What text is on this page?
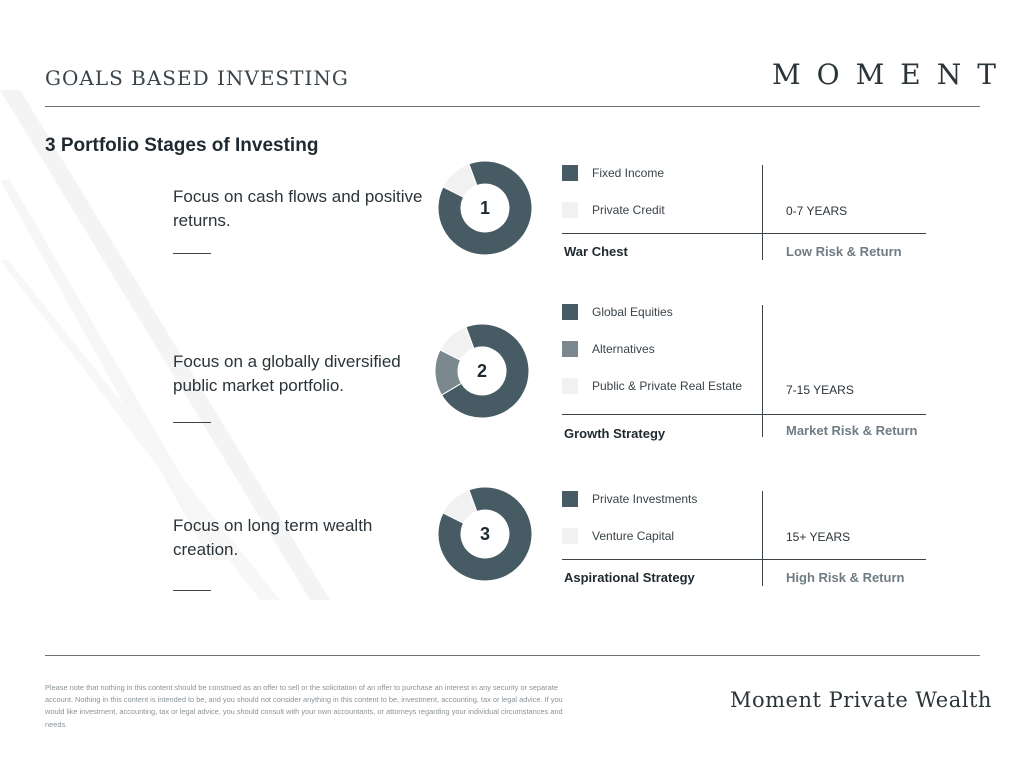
GOALS BASED INVESTING	MOMENT
3 Portfolio Stages of Investing
Focus on cash flows and positive returns.
1
Fixed Income
Private Credit	0-7 YEARS
War Chest	Low Risk & Return
Focus on a globally diversified public market portfolio.
2
Global Equities
Alternatives
Public & Private Real Estate	7-15 YEARS
Growth Strategy	Market Risk & Return
Focus on long term wealth creation.
3
Private Investments
Venture Capital	15+ YEARS
Aspirational Strategy	High Risk & Return
Please note that nothing in this content should be construed as an offer to sell or the solicitation of an offer to purchase an interest in any security or separate account. Nothing in this content is intended to be, and you should not consider anything in this content to be, investment, accounting, tax or legal advice. If you would like investment, accounting, tax or legal advice, you should consult with your own accountants, or attorneys regarding your individual circumstances and needs.
Moment Private Wealth
